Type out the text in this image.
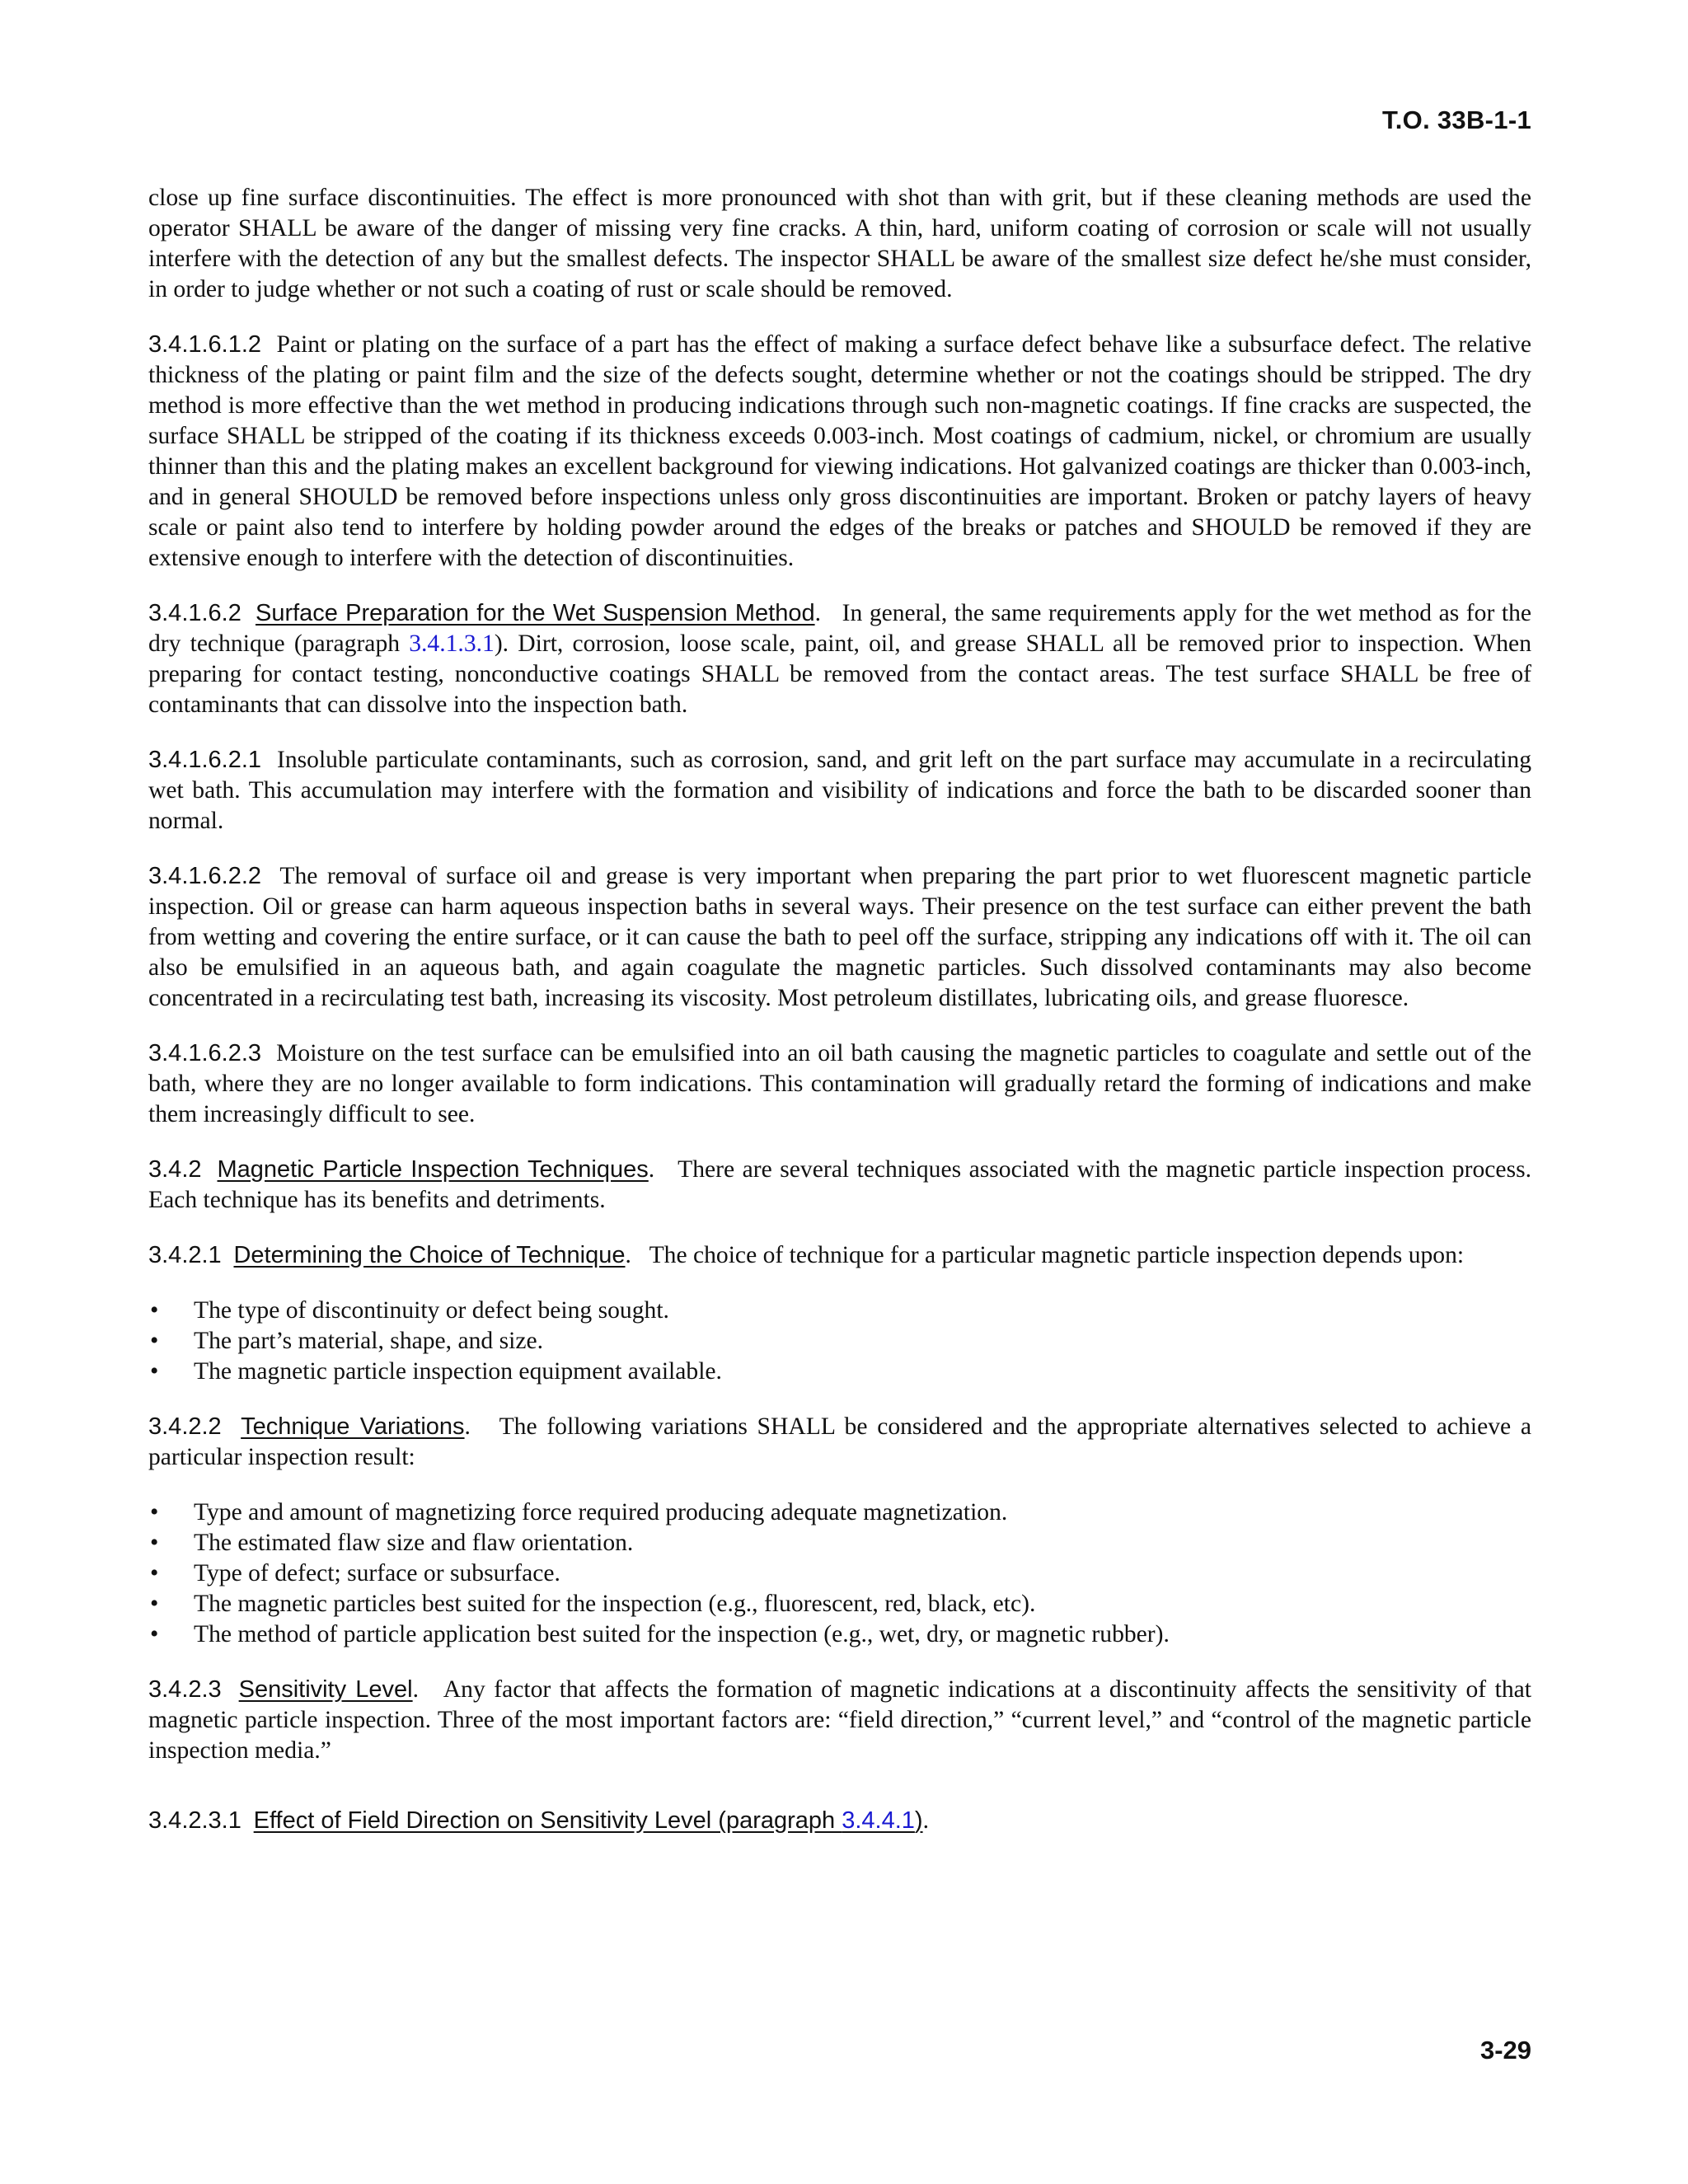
T.O. 33B-1-1

close up fine surface discontinuities. The effect is more pronounced with shot than with grit, but if these cleaning methods are used the operator SHALL be aware of the danger of missing very fine cracks. A thin, hard, uniform coating of corrosion or scale will not usually interfere with the detection of any but the smallest defects. The inspector SHALL be aware of the smallest size defect he/she must consider, in order to judge whether or not such a coating of rust or scale should be removed.

3.4.1.6.1.2 Paint or plating on the surface of a part has the effect of making a surface defect behave like a subsurface defect. The relative thickness of the plating or paint film and the size of the defects sought, determine whether or not the coatings should be stripped. The dry method is more effective than the wet method in producing indications through such non-magnetic coatings. If fine cracks are suspected, the surface SHALL be stripped of the coating if its thickness exceeds 0.003-inch. Most coatings of cadmium, nickel, or chromium are usually thinner than this and the plating makes an excellent background for viewing indications. Hot galvanized coatings are thicker than 0.003-inch, and in general SHOULD be removed before inspections unless only gross discontinuities are important. Broken or patchy layers of heavy scale or paint also tend to interfere by holding powder around the edges of the breaks or patches and SHOULD be removed if they are extensive enough to interfere with the detection of discontinuities.

3.4.1.6.2 Surface Preparation for the Wet Suspension Method.   In general, the same requirements apply for the wet method as for the dry technique (paragraph 3.4.1.3.1). Dirt, corrosion, loose scale, paint, oil, and grease SHALL all be removed prior to inspection. When preparing for contact testing, nonconductive coatings SHALL be removed from the contact areas. The test surface SHALL be free of contaminants that can dissolve into the inspection bath.

3.4.1.6.2.1 Insoluble particulate contaminants, such as corrosion, sand, and grit left on the part surface may accumulate in a recirculating wet bath. This accumulation may interfere with the formation and visibility of indications and force the bath to be discarded sooner than normal.

3.4.1.6.2.2 The removal of surface oil and grease is very important when preparing the part prior to wet fluorescent magnetic particle inspection. Oil or grease can harm aqueous inspection baths in several ways. Their presence on the test surface can either prevent the bath from wetting and covering the entire surface, or it can cause the bath to peel off the surface, stripping any indications off with it. The oil can also be emulsified in an aqueous bath, and again coagulate the magnetic particles. Such dissolved contaminants may also become concentrated in a recirculating test bath, increasing its viscosity. Most petroleum distillates, lubricating oils, and grease fluoresce.

3.4.1.6.2.3 Moisture on the test surface can be emulsified into an oil bath causing the magnetic particles to coagulate and settle out of the bath, where they are no longer available to form indications. This contamination will gradually retard the forming of indications and make them increasingly difficult to see.

3.4.2 Magnetic Particle Inspection Techniques.   There are several techniques associated with the magnetic particle inspection process. Each technique has its benefits and detriments.

3.4.2.1 Determining the Choice of Technique.   The choice of technique for a particular magnetic particle inspection depends upon:

• The type of discontinuity or defect being sought.
• The part’s material, shape, and size.
• The magnetic particle inspection equipment available.

3.4.2.2 Technique Variations.   The following variations SHALL be considered and the appropriate alternatives selected to achieve a particular inspection result:

• Type and amount of magnetizing force required producing adequate magnetization.
• The estimated flaw size and flaw orientation.
• Type of defect; surface or subsurface.
• The magnetic particles best suited for the inspection (e.g., fluorescent, red, black, etc).
• The method of particle application best suited for the inspection (e.g., wet, dry, or magnetic rubber).

3.4.2.3 Sensitivity Level.   Any factor that affects the formation of magnetic indications at a discontinuity affects the sensitivity of that magnetic particle inspection. Three of the most important factors are: “field direction,” “current level,” and “control of the magnetic particle inspection media.”

3.4.2.3.1 Effect of Field Direction on Sensitivity Level (paragraph 3.4.4.1).

3-29
